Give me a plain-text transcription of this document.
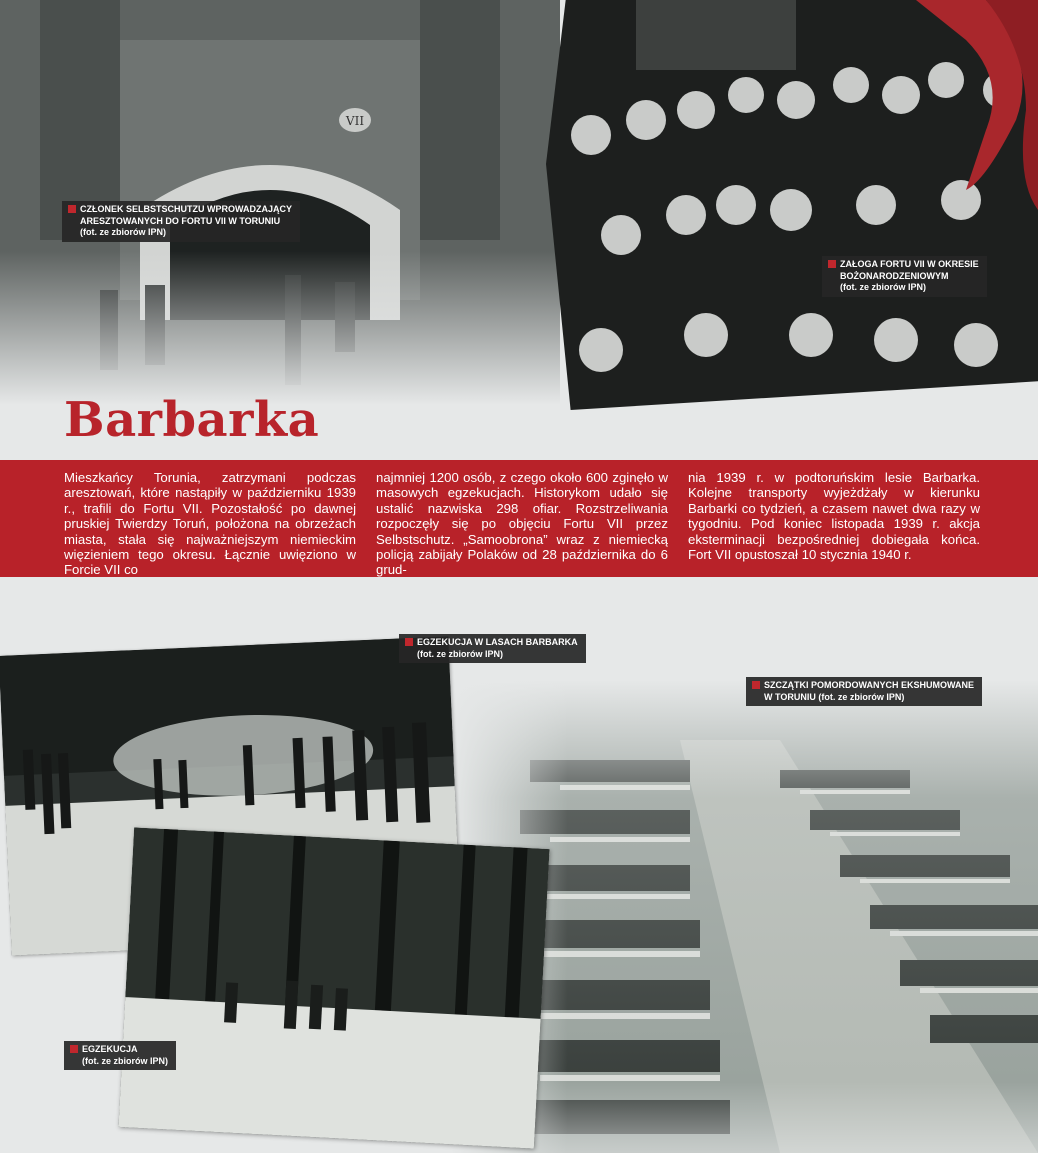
Barbarka
Mieszkańcy Torunia, zatrzymani podczas aresztowań, które nastąpiły w październiku 1939 r., trafili do Fortu VII. Pozostałość po dawnej pruskiej Twierdzy Toruń, położona na obrzeżach miasta, stała się najważniejszym niemieckim więzieniem tego okresu. Łącznie uwięziono w Forcie VII co
najmniej 1200 osób, z czego około 600 zginęło w masowych egzekucjach. Historykom udało się ustalić nazwiska 298 ofiar. Rozstrzeliwania rozpoczęły się po objęciu Fortu VII przez Selbstschutz. „Samoobrona” wraz z niemiecką policją zabijały Polaków od 28 października do 6 grud-
nia 1939 r. w podtoruńskim lesie Barbarka. Kolejne transporty wyjeżdżały w kierunku Barbarki co tydzień, a czasem nawet dwa razy w tygodniu. Pod koniec listopada 1939 r. akcja eksterminacji bezpośredniej dobiegała końca. Fort VII opustoszał 10 stycznia 1940 r.
CZŁONEK SELBSTSCHUTZU WPROWADZAJĄCY
ARESZTOWANYCH DO FORTU VII W TORUNIU
(fot. ze zbiorów IPN)
ZAŁOGA FORTU VII W OKRESIE
BOŻONARODZENIOWYM
(fot. ze zbiorów IPN)
EGZEKUCJA W LASACH BARBARKA
(fot. ze zbiorów IPN)
SZCZĄTKI POMORDOWANYCH EKSHUMOWANE
W TORUNIU (fot. ze zbiorów IPN)
EGZEKUCJA
(fot. ze zbiorów IPN)
